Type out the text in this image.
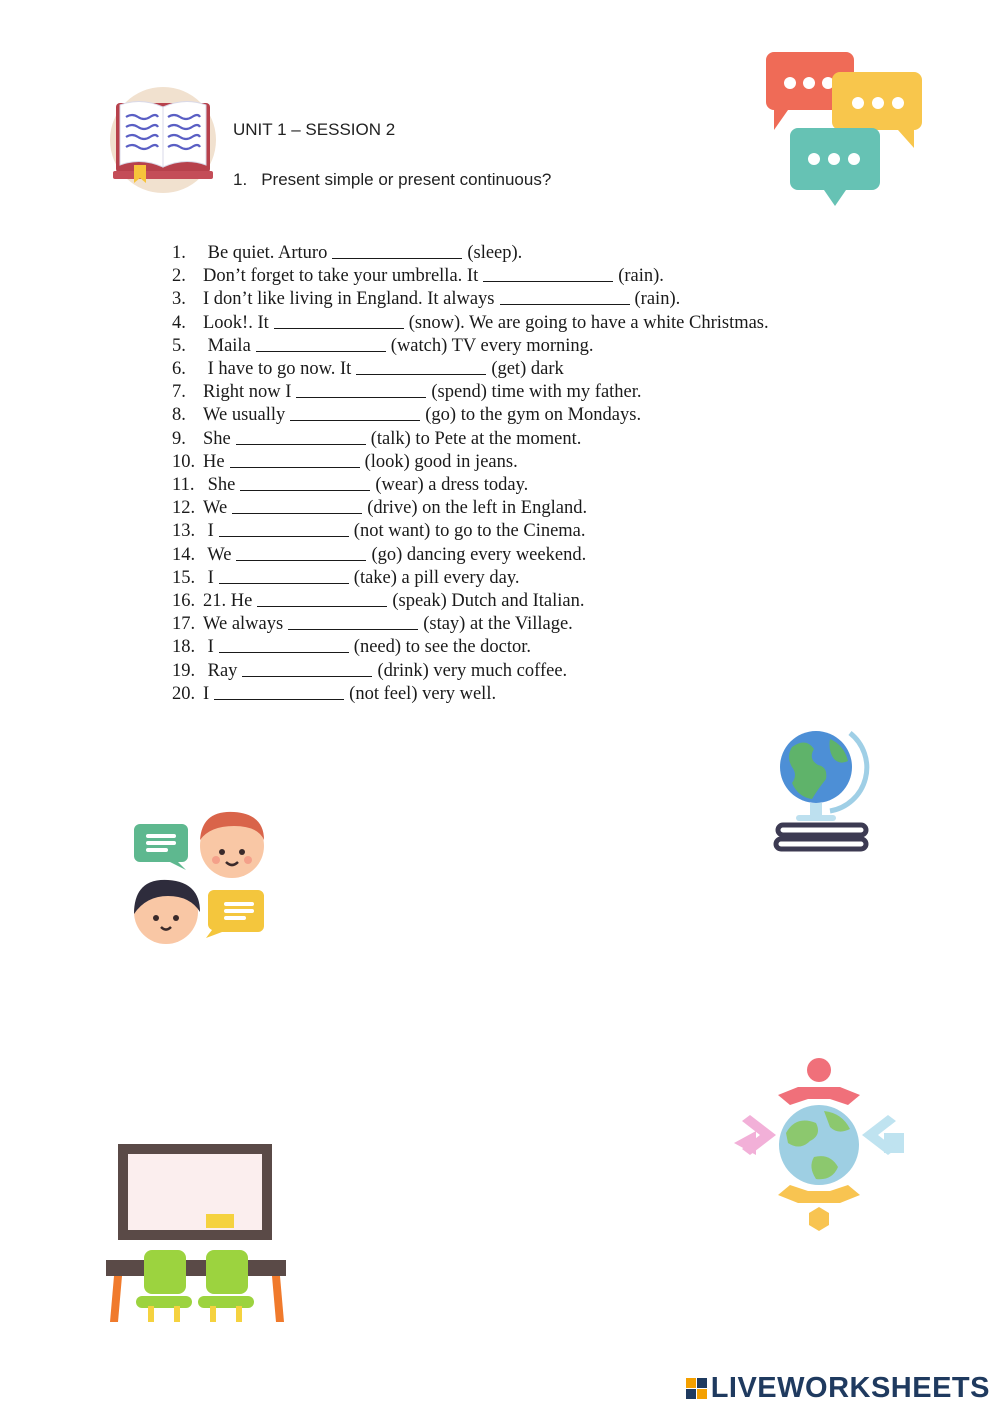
UNIT 1 – SESSION 2
1. Present simple or present continuous?
1. Be quiet. Arturo	(sleep).
2. Don’t forget to take your umbrella. It	(rain).
3. I don’t like living in England. It always	(rain).
4. Look!. It	(snow). We are going to have a white Christmas.
5. Maila	(watch) TV every morning.
6. I have to go now. It	(get) dark
7. Right now I	(spend) time with my father.
8. We usually	(go) to the gym on Mondays.
9. She	(talk) to Pete at the moment.
10. He	(look) good in jeans.
11. She	(wear) a dress today.
12. We	(drive) on the left in England.
13. I	(not want) to go to the Cinema.
14. We	(go) dancing every weekend.
15. I	(take) a pill every day.
16. 21. He	(speak) Dutch and Italian.
17. We always	(stay) at the Village.
18. I	(need) to see the doctor.
19. Ray	(drink) very much coffee.
20. I	(not feel) very well.
LIVEWORKSHEETS
